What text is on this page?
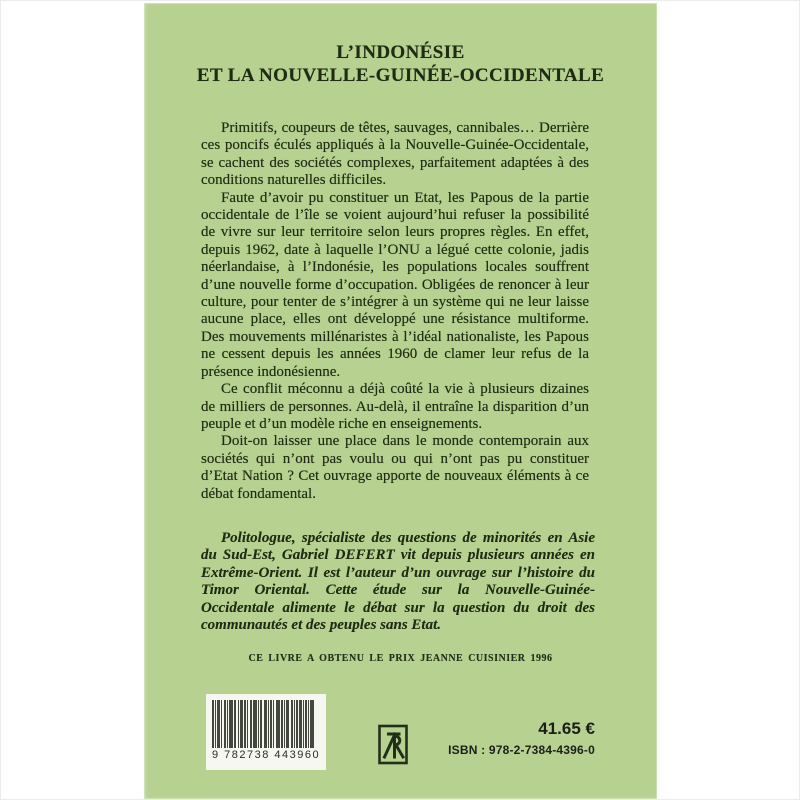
L’INDONÉSIE
ET LA NOUVELLE-GUINÉE-OCCIDENTALE

Primitifs, coupeurs de têtes, sauvages, cannibales… Derrière ces poncifs éculés appliqués à la Nouvelle-Guinée-Occidentale, se cachent des sociétés complexes, parfaitement adaptées à des conditions naturelles difficiles.

Faute d’avoir pu constituer un Etat, les Papous de la partie occidentale de l’île se voient aujourd’hui refuser la possibilité de vivre sur leur territoire selon leurs propres règles. En effet, depuis 1962, date à laquelle l’ONU a légué cette colonie, jadis néerlandaise, à l’Indonésie, les populations locales souffrent d’une nouvelle forme d’occupation. Obligées de renoncer à leur culture, pour tenter de s’intégrer à un système qui ne leur laisse aucune place, elles ont développé une résistance multiforme. Des mouvements millénaristes à l’idéal nationaliste, les Papous ne cessent depuis les années 1960 de clamer leur refus de la présence indonésienne.

Ce conflit méconnu a déjà coûté la vie à plusieurs dizaines de milliers de personnes. Au-delà, il entraîne la disparition d’un peuple et d’un modèle riche en enseignements.

Doit-on laisser une place dans le monde contemporain aux sociétés qui n’ont pas voulu ou qui n’ont pas pu constituer d’Etat Nation ? Cet ouvrage apporte de nouveaux éléments à ce débat fondamental.

Politologue, spécialiste des questions de minorités en Asie du Sud-Est, Gabriel DEFERT vit depuis plusieurs années en Extrême-Orient. Il est l’auteur d’un ouvrage sur l’histoire du Timor Oriental. Cette étude sur la Nouvelle-Guinée-Occidentale alimente le débat sur la question du droit des communautés et des peuples sans Etat.
CE LIVRE A OBTENU LE PRIX JEANNE CUISINIER 1996
9 782738 443960
41.65 €
ISBN : 978-2-7384-4396-0
